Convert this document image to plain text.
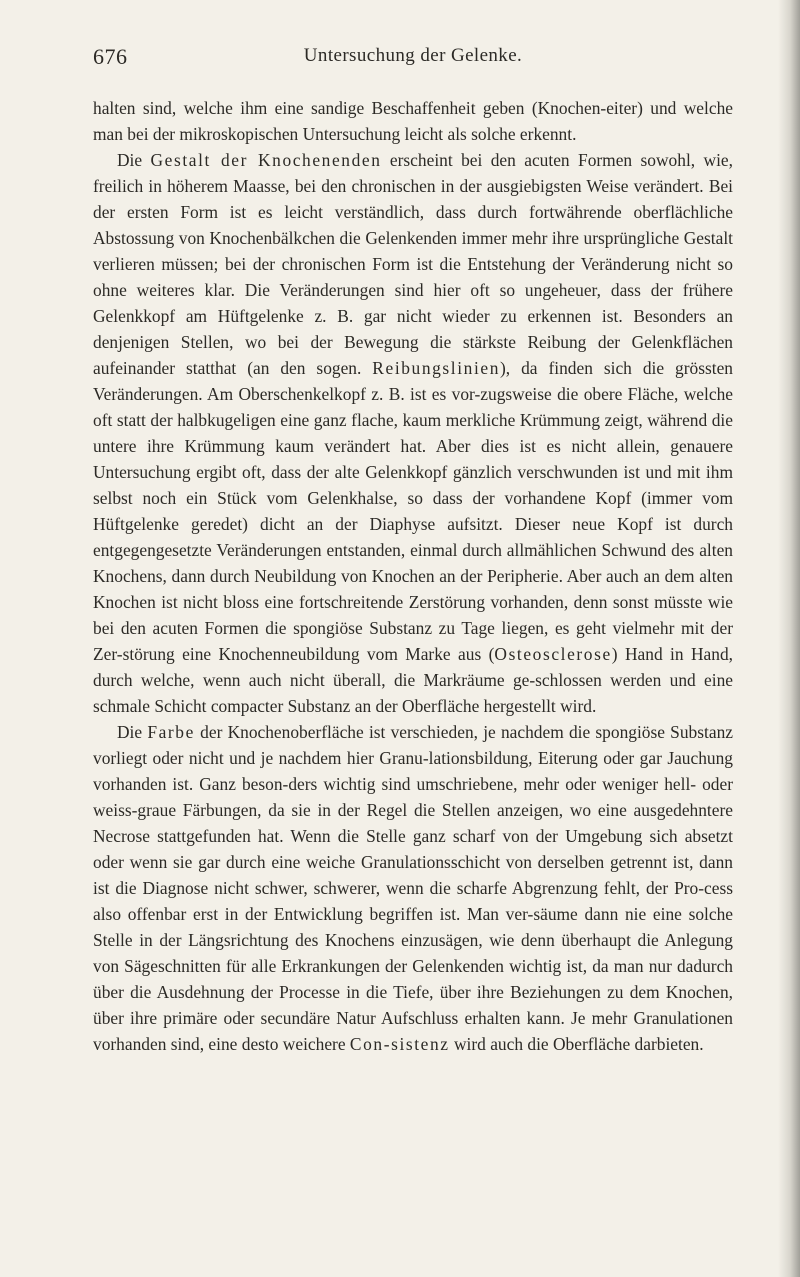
676	Untersuchung der Gelenke.

halten sind, welche ihm eine sandige Beschaffenheit geben (Knochen-eiter) und welche man bei der mikroskopischen Untersuchung leicht als solche erkennt.

Die Gestalt der Knochenenden erscheint bei den acuten Formen sowohl, wie, freilich in höherem Maasse, bei den chronischen in der ausgiebigsten Weise verändert. Bei der ersten Form ist es leicht verständlich, dass durch fortwährende oberflächliche Abstossung von Knochenbälkchen die Gelenkenden immer mehr ihre ursprüngliche Gestalt verlieren müssen; bei der chronischen Form ist die Entstehung der Veränderung nicht so ohne weiteres klar. Die Veränderungen sind hier oft so ungeheuer, dass der frühere Gelenkkopf am Hüftgelenke z. B. gar nicht wieder zu erkennen ist. Besonders an denjenigen Stellen, wo bei der Bewegung die stärkste Reibung der Gelenkflächen aufeinander statthat (an den sogen. Reibungslinien), da finden sich die grössten Veränderungen. Am Oberschenkelkopf z. B. ist es vor-zugsweise die obere Fläche, welche oft statt der halbkugeligen eine ganz flache, kaum merkliche Krümmung zeigt, während die untere ihre Krümmung kaum verändert hat. Aber dies ist es nicht allein, genauere Untersuchung ergibt oft, dass der alte Gelenkkopf gänzlich verschwunden ist und mit ihm selbst noch ein Stück vom Gelenkhalse, so dass der vorhandene Kopf (immer vom Hüftgelenke geredet) dicht an der Diaphyse aufsitzt. Dieser neue Kopf ist durch entgegengesetzte Veränderungen entstanden, einmal durch allmählichen Schwund des alten Knochens, dann durch Neubildung von Knochen an der Peripherie. Aber auch an dem alten Knochen ist nicht bloss eine fortschreitende Zerstörung vorhanden, denn sonst müsste wie bei den acuten Formen die spongiöse Substanz zu Tage liegen, es geht vielmehr mit der Zer-störung eine Knochenneubildung vom Marke aus (Osteosclerose) Hand in Hand, durch welche, wenn auch nicht überall, die Markräume ge-schlossen werden und eine schmale Schicht compacter Substanz an der Oberfläche hergestellt wird.

Die Farbe der Knochenoberfläche ist verschieden, je nachdem die spongiöse Substanz vorliegt oder nicht und je nachdem hier Granu-lationsbildung, Eiterung oder gar Jauchung vorhanden ist. Ganz beson-ders wichtig sind umschriebene, mehr oder weniger hell- oder weiss-graue Färbungen, da sie in der Regel die Stellen anzeigen, wo eine ausgedehntere Necrose stattgefunden hat. Wenn die Stelle ganz scharf von der Umgebung sich absetzt oder wenn sie gar durch eine weiche Granulationsschicht von derselben getrennt ist, dann ist die Diagnose nicht schwer, schwerer, wenn die scharfe Abgrenzung fehlt, der Pro-cess also offenbar erst in der Entwicklung begriffen ist. Man ver-säume dann nie eine solche Stelle in der Längsrichtung des Knochens einzusägen, wie denn überhaupt die Anlegung von Sägeschnitten für alle Erkrankungen der Gelenkenden wichtig ist, da man nur dadurch über die Ausdehnung der Processe in die Tiefe, über ihre Beziehungen zu dem Knochen, über ihre primäre oder secundäre Natur Aufschluss erhalten kann. Je mehr Granulationen vorhanden sind, eine desto weichere Con-sistenz wird auch die Oberfläche darbieten.
